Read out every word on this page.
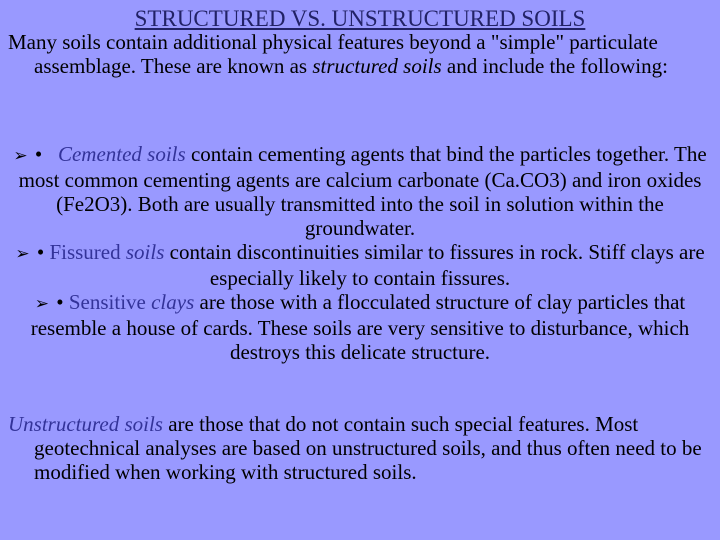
STRUCTURED VS. UNSTRUCTURED SOILS
Many soils contain additional physical features beyond a "simple" particulate assemblage. These are known as structured soils and include the following:
➢ • Cemented soils contain cementing agents that bind the particles together. The most common cementing agents are calcium carbonate (Ca.CO3) and iron oxides (Fe2O3). Both are usually transmitted into the soil in solution within the groundwater.
➢ • Fissured soils contain discontinuities similar to fissures in rock. Stiff clays are especially likely to contain fissures.
➢ • Sensitive clays are those with a flocculated structure of clay particles that resemble a house of cards. These soils are very sensitive to disturbance, which destroys this delicate structure.
Unstructured soils are those that do not contain such special features. Most geotechnical analyses are based on unstructured soils, and thus often need to be modified when working with structured soils.
